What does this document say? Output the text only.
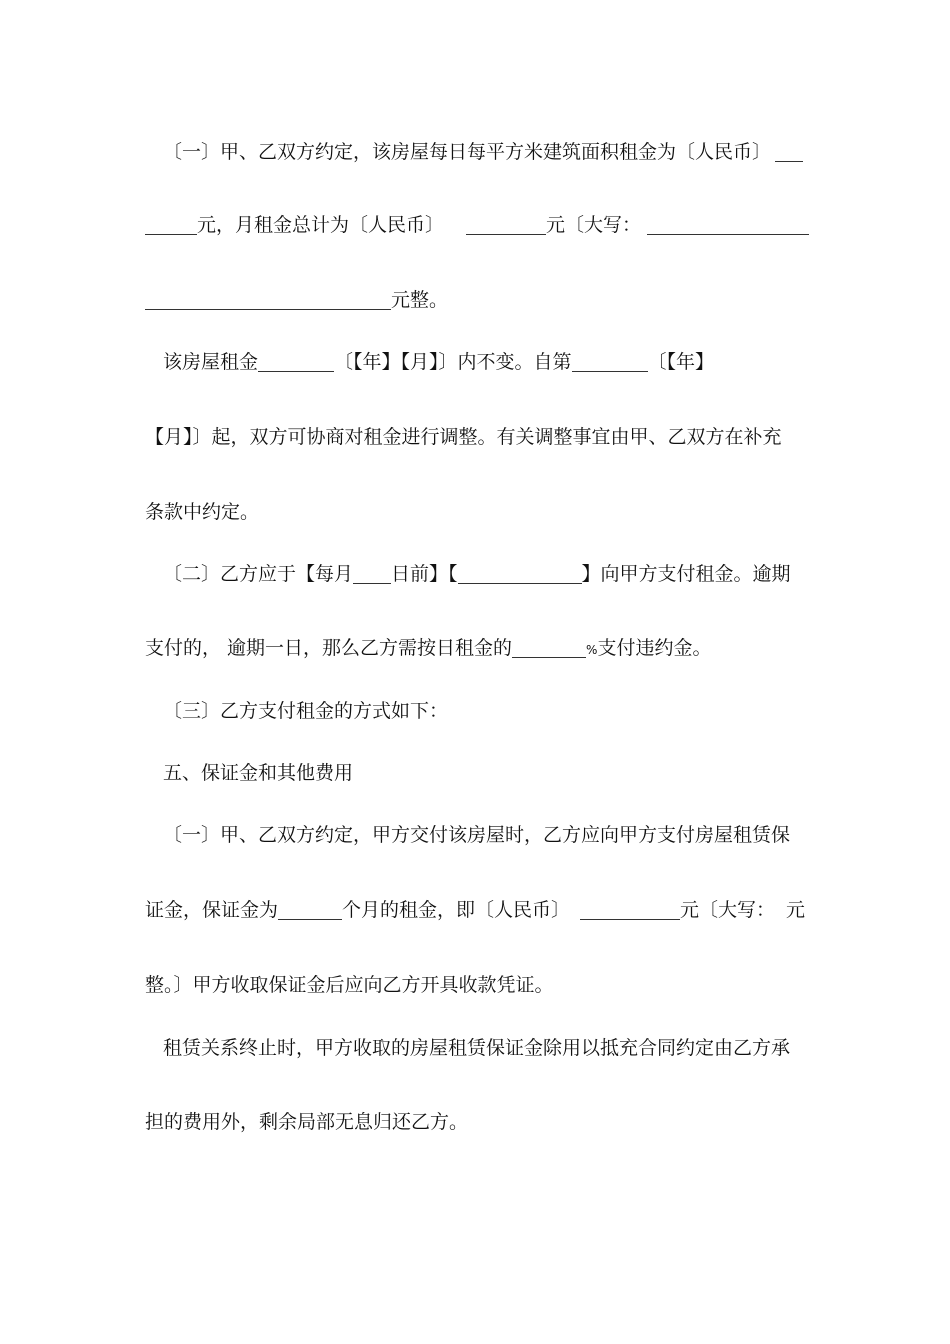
〔一〕甲、乙双方约定，该房屋每日每平方米建筑面积租金为〔人民币〕
元，月租金总计为〔人民币〕	元〔大写：
元整。
该房屋租金	〔【年】【月】〕内不变。自第	〔【年】
【月】〕起，双方可协商对租金进行调整。有关调整事宜由甲、乙双方在补充
条款中约定。
〔二〕乙方应于【每月 日前】【	】向甲方支付租金。逾期
支付的， 逾期一日，那么乙方需按日租金的	%支付违约金。
〔三〕乙方支付租金的方式如下：
五、保证金和其他费用
〔一〕甲、乙双方约定，甲方交付该房屋时，乙方应向甲方支付房屋租赁保
证金，保证金为	个月的租金，即〔人民币〕	元〔大写： 元
整。〕甲方收取保证金后应向乙方开具收款凭证。
租赁关系终止时，甲方收取的房屋租赁保证金除用以抵充合同约定由乙方承
担的费用外，剩余局部无息归还乙方。
